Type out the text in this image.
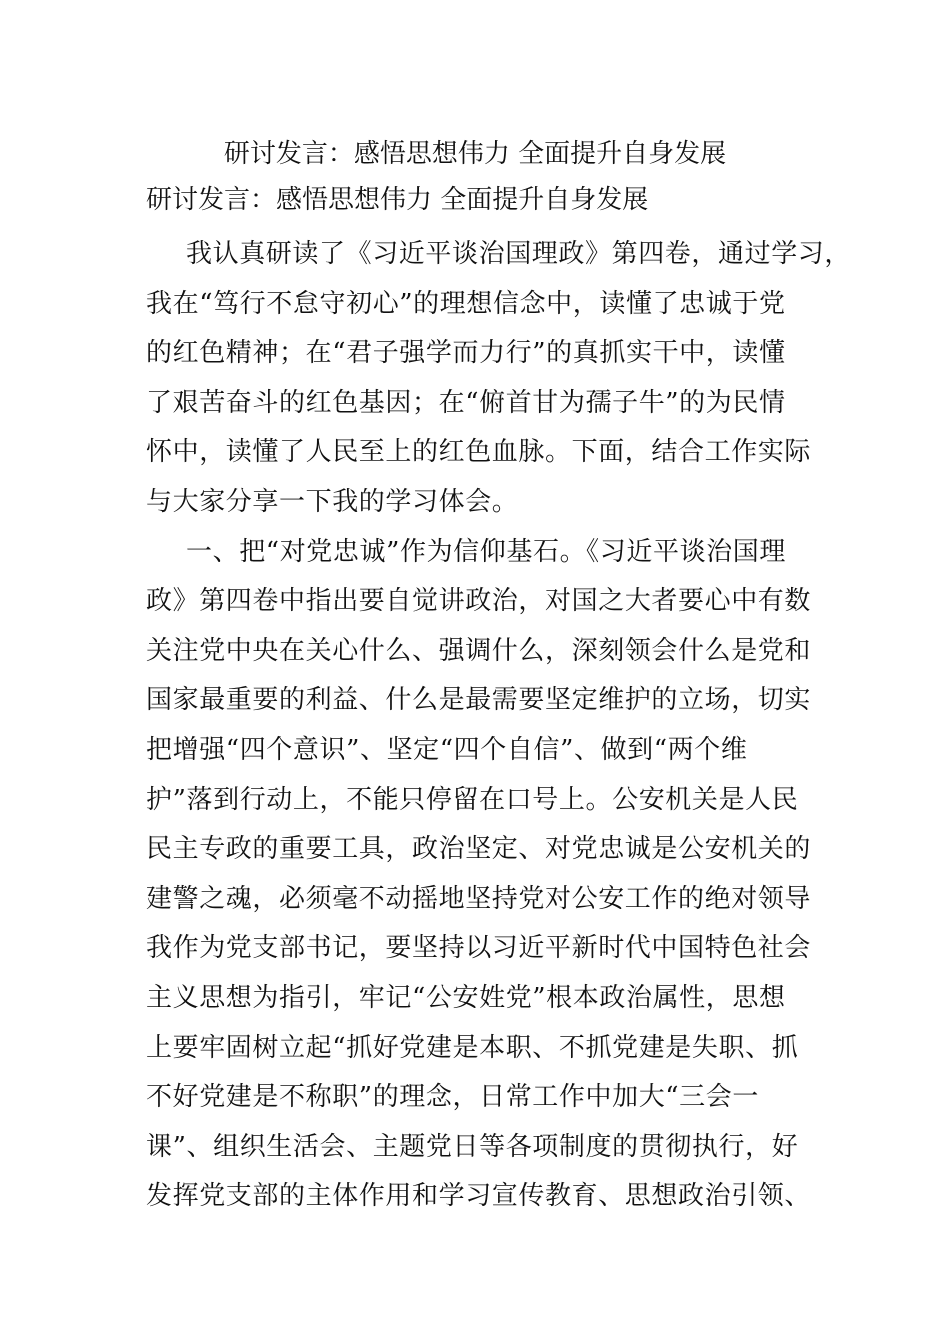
研讨发言：感悟思想伟力 全面提升自身发展
研讨发言：感悟思想伟力 全面提升自身发展
我认真研读了《习近平谈治国理政》第四卷，通过学习，
我在“笃行不怠守初心”的理想信念中，读懂了忠诚于党
的红色精神；在“君子强学而力行”的真抓实干中，读懂
了艰苦奋斗的红色基因；在“俯首甘为孺子牛”的为民情
怀中，读懂了人民至上的红色血脉。下面，结合工作实际
与大家分享一下我的学习体会。
一、把“对党忠诚”作为信仰基石。《习近平谈治国理
政》第四卷中指出要自觉讲政治，对国之大者要心中有数
关注党中央在关心什么、强调什么，深刻领会什么是党和
国家最重要的利益、什么是最需要坚定维护的立场，切实
把增强“四个意识”、坚定“四个自信”、做到“两个维
护”落到行动上，不能只停留在口号上。公安机关是人民
民主专政的重要工具，政治坚定、对党忠诚是公安机关的
建警之魂，必须毫不动摇地坚持党对公安工作的绝对领导
我作为党支部书记，要坚持以习近平新时代中国特色社会
主义思想为指引，牢记“公安姓党”根本政治属性，思想
上要牢固树立起“抓好党建是本职、不抓党建是失职、抓
不好党建是不称职”的理念，日常工作中加大“三会一
课”、组织生活会、主题党日等各项制度的贯彻执行，好
发挥党支部的主体作用和学习宣传教育、思想政治引领、
